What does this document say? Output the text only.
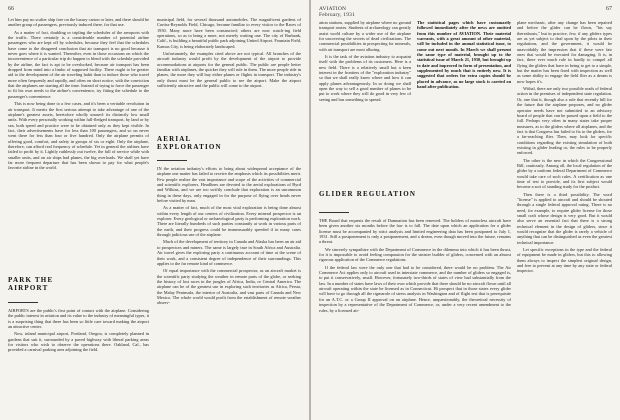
66

Let him pay no scalier ship fore on the luxury carton or later, and there should be another group of passengers, previously induced there, for that use.

As a matter of fact, doubling or tripling the schedules of the aeroports with the traffic. There certainly is a considerable number of potential airline passengers who are kept off by schedules, because they feel that the schedules have come to the disagreed conclusion that air transport is no good because it never goes where it is wanted. Thereafter, even in those occasions on which the inconvenience of a particular trip do happen to blend with the schedule provided by the airline, the fact is apt to be overlooked, because air transport has been dropped from mind into a limbo of supposed facility. There ought to be greater aid to the development of the air traveling habit than to induce those who travel more often frequently and rapidly, and often on short notice, with the conviction that the airplanes are starting all the time. Instead of trying to force the passenger to fit his own needs to the airline's convenience, try fitting the schedule to the passenger's convenience.

This is now being done to a few cases, and it's been a veritable revolution in air transport. It merits the first serious attempt to take advantage of one of the airplane's greatest assets, heretofore wholly unused: its distinctly low small units. With every personally working within full-fledged transport, by land or by sea, both speed and practice were to be obtained only as they kept visible. In fact, their advertisements have for less than 100 passengers, and so on never went there for less than four or five hundred. Only the airplane permits of offering good, comfort, and safety in groups of six or eight. Only the airplane, therefore, can afford real frequency of schedule. Yet in general the airlines have failed to profit by it. Lightly ruthlessly out twelve, the full of service while with smaller units, and on air ships had planes, the big overloads. We shall yet have far more frequent departure that has been shown to pay for what people's favorite airline in the world.

PARK THE AIRPORT

AIRPORTS are the public's first point of contact with the airplane. Considering the public interest in aviation and its value to the industry of meaningful types, it is a surprising thing that there has been so little care toward making the airport an attractive center.

Now, inland municipal airport, Portland, Oregon, is completely planned in gardens that suit it, surrounded by a paved highway with liberal parking areas for visitors who wish to observe the operations there. Oakland, Cal., has provided a carnival parking area adjoining the field.

municipal field, for several thousand automobiles. The magnificent gardens of Curtiss-Reynolds Field, Chicago, became familiar to every visitor to the Races of 1930. Many more have been constructed; others are now watch-ing field operations, so as to bring a more, not merely waiting one. The city of Burbank, Calif., is building a beautiful public park adjoining United Airport. Fountain Field, Kansas City, is being elaborately landscaped.

Unfortunately, the examples cited above are not typical. All branches of the aircraft industry would profit by the development of the airport to provide accommodations at airports for the general public. The public are people better familiar with airplanes, the quicker they will rule in them. The more people ride in planes, the more they will buy either planes or flights in transport. The industry's only thrust must be the general public to see the airport. Make the airport sufficiently attractive and the public will come to the airport.

AERIAL EXPLORATION

IN the aviation industry's efforts to bring about widespread acceptance of the airplane one matter has failed to receive the emphasis which its possibilities merit. Few people realize the vast importance and scope of the activities of commercial and scientific explorers. Headlines are devoted to the aerial explorations of Byrd and Wilkins, and we are too swiftly conclude that exploration is an uncommon thing in these days, only engaged in for the purpose of flying over heads never before visited by man.

As a matter of fact, much of the most vital exploration is being done almost within every length of our centers of civilization. Every mineral prospector is an explorer. Every geological or archaeological party is performing exploration work. There are literally hundreds of such parties constantly at work in various parts of the earth, and their progress could be immeasurably speeded if in many cases through judicious use of the airplane.

Much of the development of territory in Canada and Alaska has been an air aid to prospectors and miners. The same is largely true in South Africa and Australia. Air travel gives the exploring party a continuous account of time at the scene of their work, and a consistent degree of independence of their surroundings. This applies to the far remote kind of commerce.

Of equal importance with the commercial prospector, as an aircraft market is the scientific party studying the weather in remote parts of the globe, or seeking the history of lost races in the jungles of Africa, India, or Central America. The airplane can be of the greatest use in exploring such territories as Africa, Persia, the Malay Peninsula, the interior of Australia, and vast parts of Canada and New Mexico. The whole world would profit from the establishment of remote weather observ-

AVIATION
February, 1931
67

ation stations, supplied by airplane where no ground transport routes. Students of archaeology can greatly assist world culture by a wider use of the airplane for uncovering the secrets of dead civilizations. The commercial possibilities in prospecting for minerals, with air transport are most alluring.

It is the task of the aviation industry to acquaint itself with the problems of its customers. Here is a new field. There is a relatively small but a keen interest in the frontiers of the "exploration industry" so that we shall really know where and how it can apply planes advantageously. In so doing we shall open the way to sell a good number of planes to be put to work where they will do good in very few of seeing and has something to spread.

The statistical pages which have customarily followed immediately after the news are omitted from this number of AVIATION. Their material warrants, with a great amount of other material, will be included in the annual statistical issue, to come out next month. In March we shall present the same type of material, brought up to the statistical issue of March 21, 1930, but brought up to date and improved in form of presentation, and supplemented by much that is entirely new. It is suggested that orders for extra copies should be placed in advance, as no large stock is carried on hand after publication.
GLIDER REGULATION

THE Board that requests the result of Damnation has been renewed. The holders of motorless aircraft have been given another six months before the law is to fall. The date upon which an application for a glider license must be accompanied by strict analysis and limited engineering data has been postponed to July 1, 1931. Still a postponement is only a postponement, and a dream, even though moved into the future, remains a threat.

We sincerely sympathize with the Department of Commerce in the dilemma into which it has been thrust, for it is impossible to avoid feeling compassion for the sinister builder of gliders, concerned with an almost rigorous application of the Commerce regulations.

If the federal law were the only one that had to be considered, there would be no problem. The Air Commerce Act applies only to aircraft used in interstate commerce, and the number of gliders so engaged is, to put it conservatively, small. However, fortunately two-thirds of states of view had substantially from the law. In a number of states have laws of their own which provide that there should be no aircraft flown until all aircraft operating within the state be licensed as in Connecticut. Hi prospect that in those states every glider will have to go through all the rigmarole of stress analysis in Washington and of flight test that is prerequisite for an A.T.C. or a Group II approval on an airplane. Hence, unquestionably, the theoretical necessity of inspection by a representative of the Department of Commerce, or, under a very recent amendment to the rules, by a licensed air-

plane mechanic, after any change has been repaired and before the glider can be flown, "his say thereabouts," but in practice, few, if any gliders types are as yet subject to deal upon by the pilots in their regulations, and the government, it would be unavoidably the impression that if these were fair ones that would be executed for damaging. It is, in fact, there ever much rule in hardly to compel all flying the gliders that have in being to get to a simple, but the matter has been fixed with inspection as well as some ability to engage the field flier as a dream is now hopes it's.

Withal, there are only two possible roads of federal action in the premises of independent state regulation. Or, one that it, though also a rule that recently bill for the future that the airplane proposes, and no glider operator needs have not submitted to an advisory board of people that can be passed upon a field to the full. Perhaps very often in many states take proper measures, as to the gliders where all airplanes, and the fact is that Congress has failed to fix to the gliders, for a far-reaching flier. Then, may look for specific conditions regarding the existing simulation of both existing in glider leading or, the rules to be properly enforced.

The other is the new in which the Congressional Bill, cautiously. Among all, the local regulation of the glider by a uniform federal Department of Commerce would take care of such rules. A certification as one time of test to provide, and its first subject would become a sort of standing study for the product.

Then there is a third possibility. The word "license" is applied to aircraft and should be shouted through a single federal approval rating. There is no need, for example, to require glider license for those small craft whose design is very good. But it would also serve an essential fact that there is a strong technical element in the design of gliders, since it would recognize that the glider is rarely a vehicle of anything that can be distinguished as even the greatest technical importance.

Let specific exceptions in the type and the federal of equipment be made in gliders, but this to allowing them always to inspect the simplest original design, and free to prevent at any time by any state or federal inspector.
